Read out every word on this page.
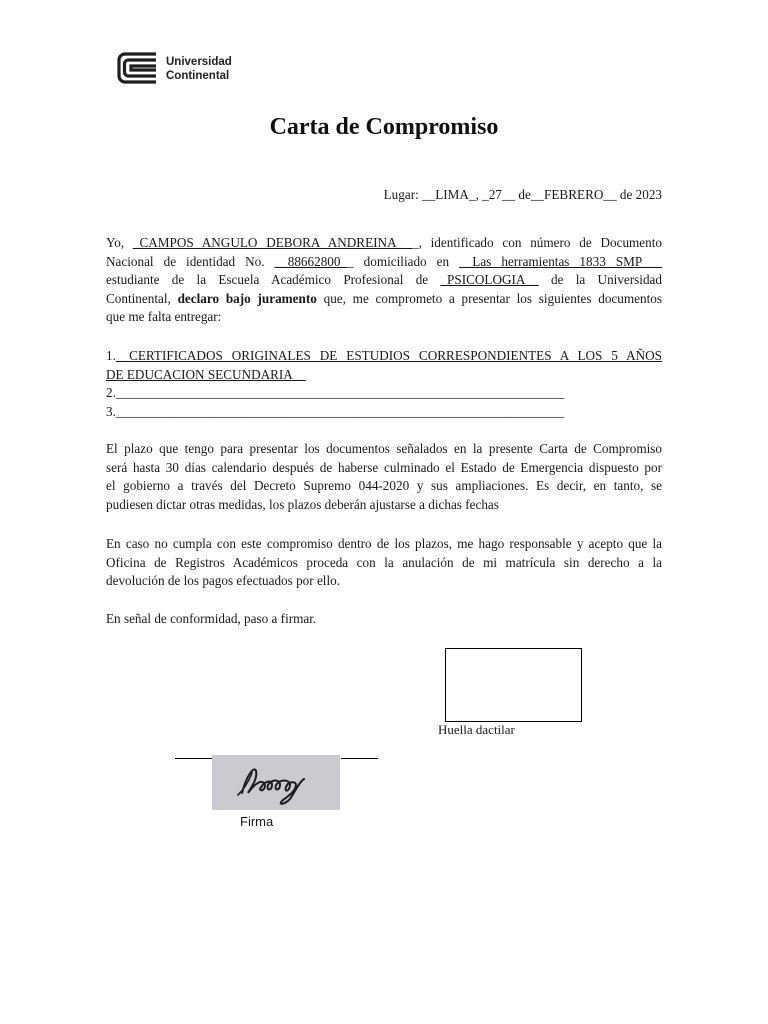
Universidad
Continental
Carta de Compromiso
Lugar: __LIMA_, _27__ de__FEBRERO__ de 2023
Yo, _CAMPOS ANGULO DEBORA ANDREINA_ _, identificado con número de Documento
Nacional de identidad No. __88662800__ domiciliado en __Las herramientas 1833 SMP___
estudiante de la Escuela Académico Profesional de _PSICOLOGIA__ de la Universidad
Continental, declaro bajo juramento que, me comprometo a presentar los siguientes documentos
que me falta entregar:
1.__CERTIFICADOS ORIGINALES DE ESTUDIOS CORRESPONDIENTES A LOS 5 AÑOS
DE EDUCACION SECUNDARIA__
2.____________________________________________________________________
3.____________________________________________________________________
El plazo que tengo para presentar los documentos señalados en la presente Carta de Compromiso
será hasta 30 días calendario después de haberse culminado el Estado de Emergencia dispuesto por
el gobierno a través del Decreto Supremo 044-2020 y sus ampliaciones. Es decir, en tanto, se
pudiesen dictar otras medidas, los plazos deberán ajustarse a dichas fechas
En caso no cumpla con este compromiso dentro de los plazos, me hago responsable y acepto que la
Oficina de Registros Académicos proceda con la anulación de mi matrícula sin derecho a la
devolución de los pagos efectuados por ello.
En señal de conformidad, paso a firmar.
Huella dactilar
Firma
